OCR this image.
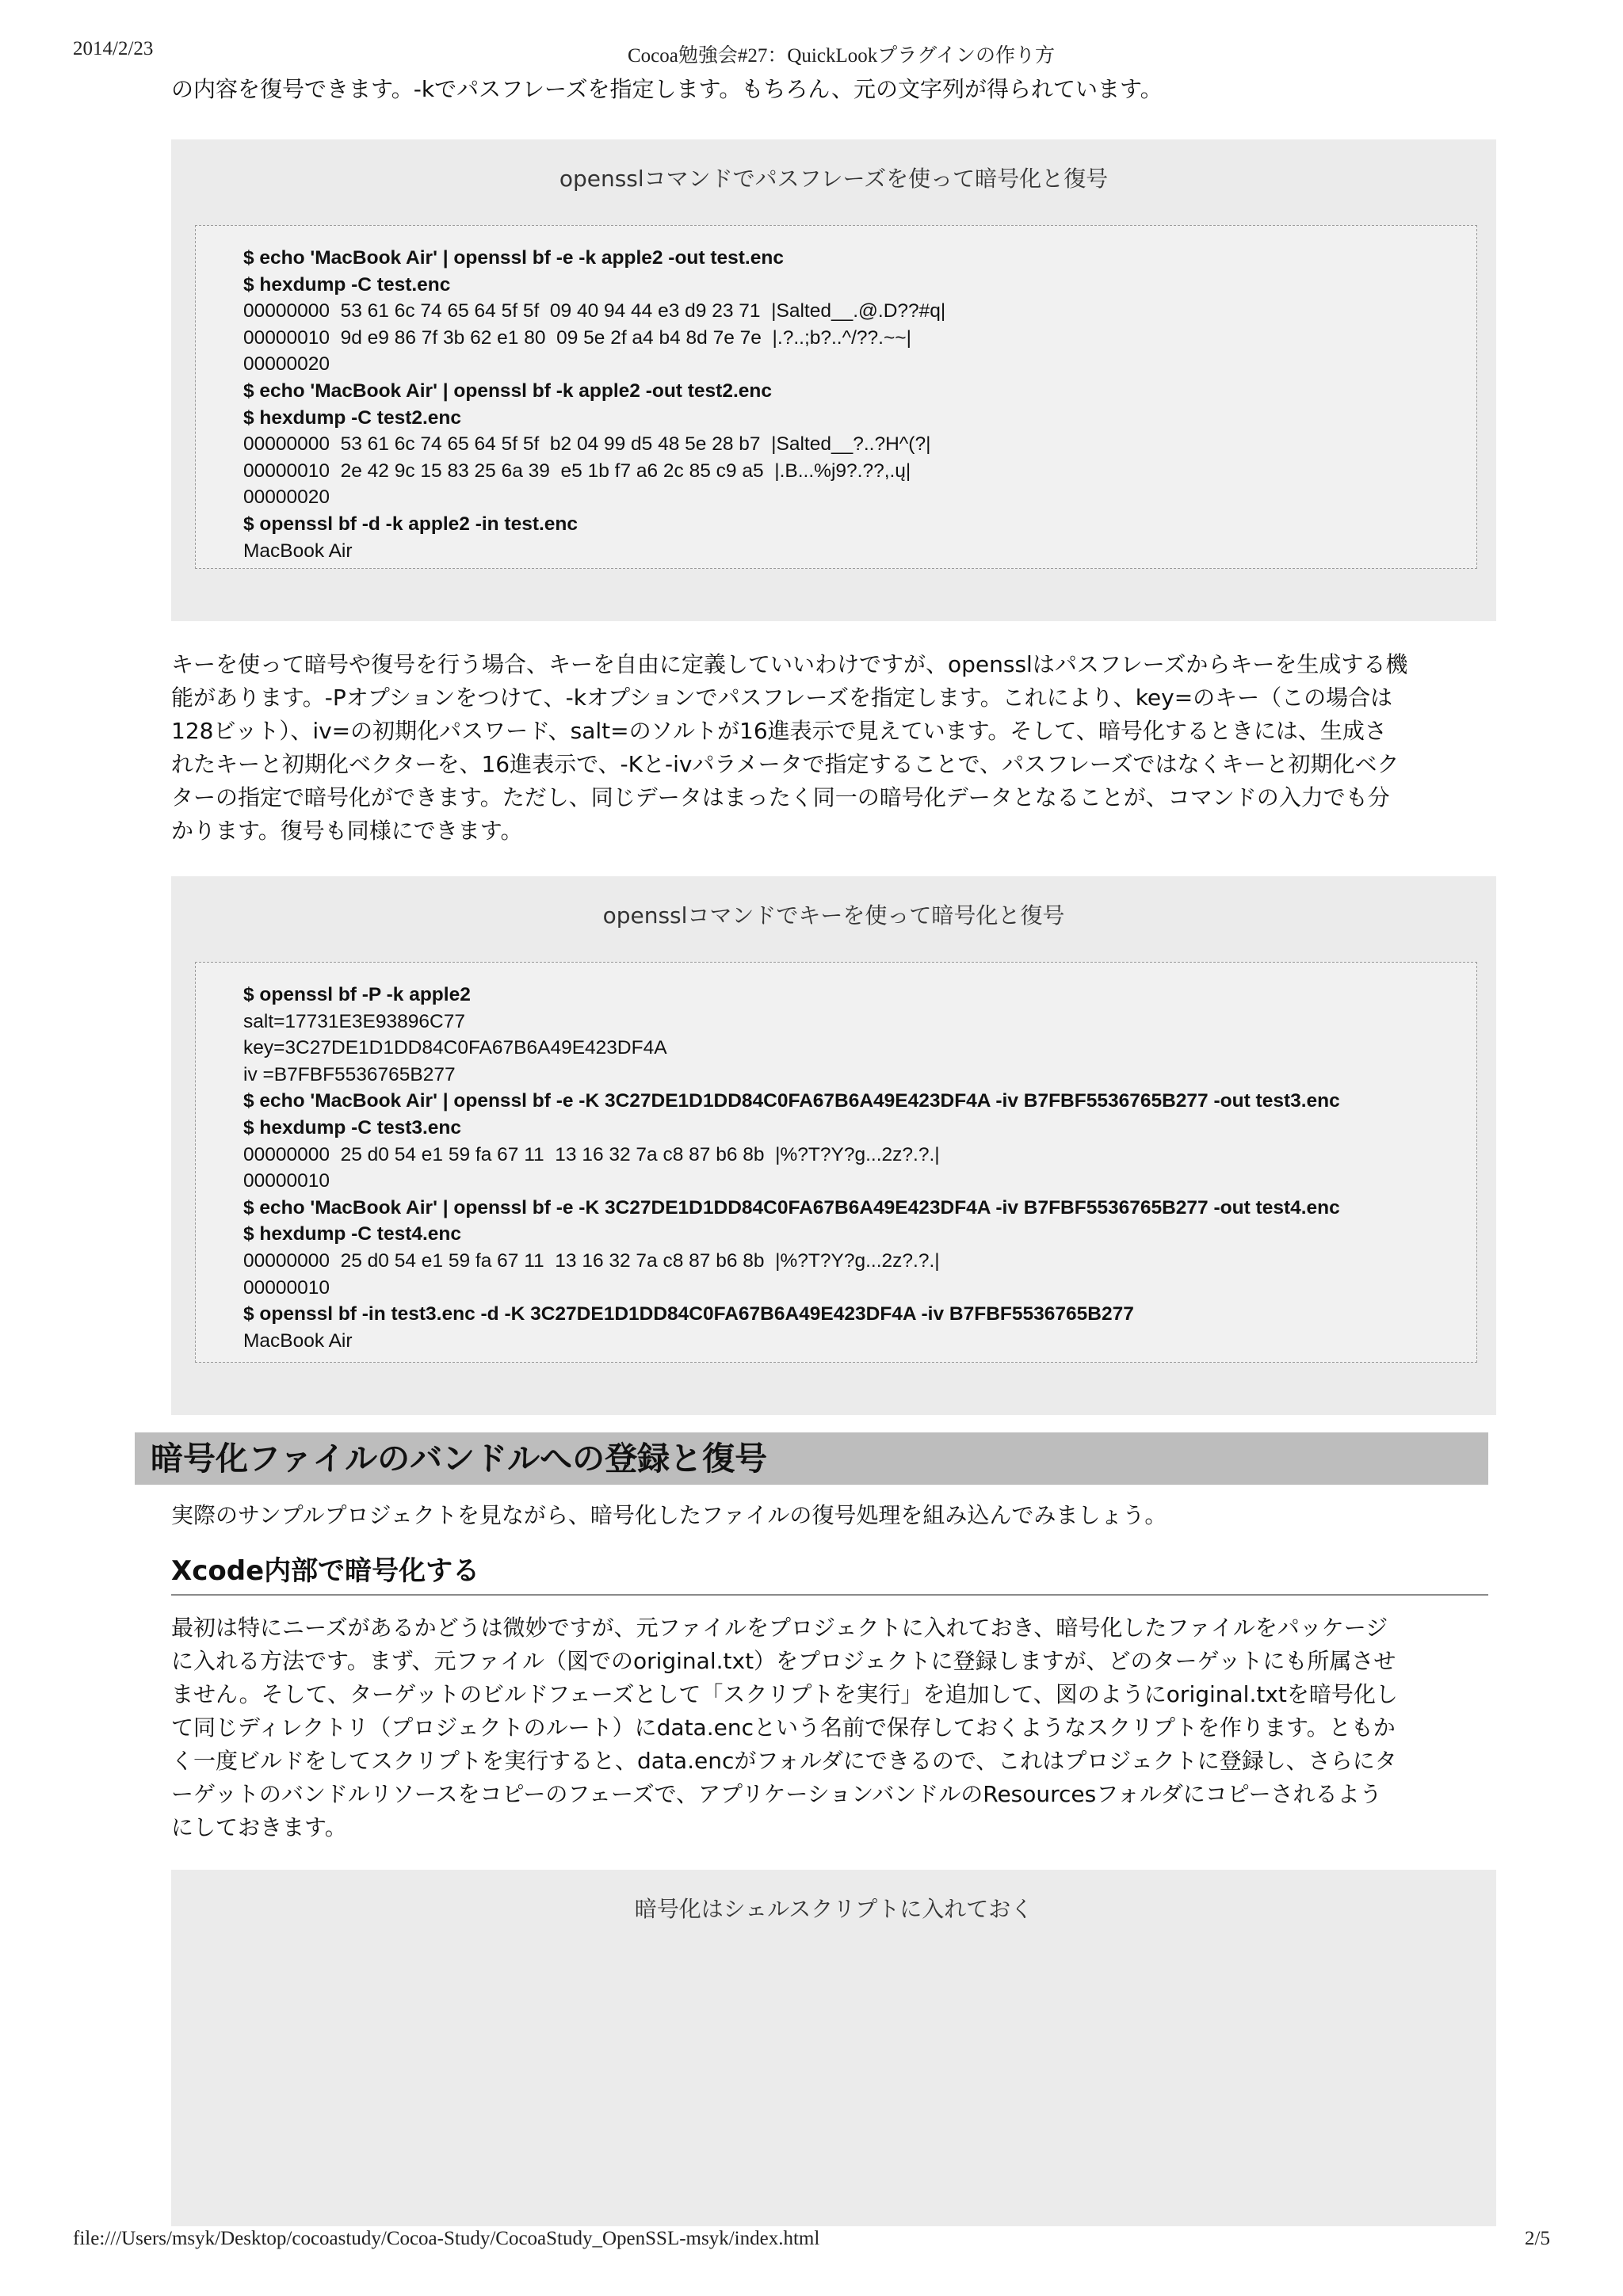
2014/2/23	Cocoa勉強会#27：QuickLookプラグインの作り方

の内容を復号できます。-kでパスフレーズを指定します。もちろん、元の文字列が得られています。

opensslコマンドでパスフレーズを使って暗号化と復号
$ echo 'MacBook Air' | openssl bf -e -k apple2 -out test.enc
$ hexdump -C test.enc
00000000  53 61 6c 74 65 64 5f 5f  09 40 94 44 e3 d9 23 71  |Salted__.@.D??#q|
00000010  9d e9 86 7f 3b 62 e1 80  09 5e 2f a4 b4 8d 7e 7e  |.?..;b?..^/??.~~|
00000020
$ echo 'MacBook Air' | openssl bf -k apple2 -out test2.enc
$ hexdump -C test2.enc
00000000  53 61 6c 74 65 64 5f 5f  b2 04 99 d5 48 5e 28 b7  |Salted__?..?H^(?|
00000010  2e 42 9c 15 83 25 6a 39  e5 1b f7 a6 2c 85 c9 a5  |.B...%j9?.??,.ų|
00000020
$ openssl bf -d -k apple2 -in test.enc
MacBook Air
キーを使って暗号や復号を行う場合、キーを自由に定義していいわけですが、opensslはパスフレーズからキーを生成する機
能があります。-Pオプションをつけて、-kオプションでパスフレーズを指定します。これにより、key=のキー（この場合は
128ビット）、iv=の初期化パスワード、salt=のソルトが16進表示で見えています。そして、暗号化するときには、生成さ
れたキーと初期化ベクターを、16進表示で、-Kと-ivパラメータで指定することで、パスフレーズではなくキーと初期化ベク
ターの指定で暗号化ができます。ただし、同じデータはまったく同一の暗号化データとなることが、コマンドの入力でも分
かります。復号も同様にできます。
opensslコマンドでキーを使って暗号化と復号
$ openssl bf -P -k apple2
salt=17731E3E93896C77
key=3C27DE1D1DD84C0FA67B6A49E423DF4A
iv =B7FBF5536765B277
$ echo 'MacBook Air' | openssl bf -e -K 3C27DE1D1DD84C0FA67B6A49E423DF4A -iv B7FBF5536765B277 -out test3.enc
$ hexdump -C test3.enc
00000000  25 d0 54 e1 59 fa 67 11  13 16 32 7a c8 87 b6 8b  |%?T?Y?g...2z?.?.|
00000010
$ echo 'MacBook Air' | openssl bf -e -K 3C27DE1D1DD84C0FA67B6A49E423DF4A -iv B7FBF5536765B277 -out test4.enc
$ hexdump -C test4.enc
00000000  25 d0 54 e1 59 fa 67 11  13 16 32 7a c8 87 b6 8b  |%?T?Y?g...2z?.?.|
00000010
$ openssl bf -in test3.enc -d -K 3C27DE1D1DD84C0FA67B6A49E423DF4A -iv B7FBF5536765B277
MacBook Air
暗号化ファイルのバンドルへの登録と復号

実際のサンプルプロジェクトを見ながら、暗号化したファイルの復号処理を組み込んでみましょう。

Xcode内部で暗号化する
最初は特にニーズがあるかどうは微妙ですが、元ファイルをプロジェクトに入れておき、暗号化したファイルをパッケージ
に入れる方法です。まず、元ファイル（図でのoriginal.txt）をプロジェクトに登録しますが、どのターゲットにも所属させ
ません。そして、ターゲットのビルドフェーズとして「スクリプトを実行」を追加して、図のようにoriginal.txtを暗号化し
て同じディレクトリ（プロジェクトのルート）にdata.encという名前で保存しておくようなスクリプトを作ります。ともか
く一度ビルドをしてスクリプトを実行すると、data.encがフォルダにできるので、これはプロジェクトに登録し、さらにタ
ーゲットのバンドルリソースをコピーのフェーズで、アプリケーションバンドルのResourcesフォルダにコピーされるよう
にしておきます。
暗号化はシェルスクリプトに入れておく
file:///Users/msyk/Desktop/cocoastudy/Cocoa-Study/CocoaStudy_OpenSSL-msyk/index.html	2/5
